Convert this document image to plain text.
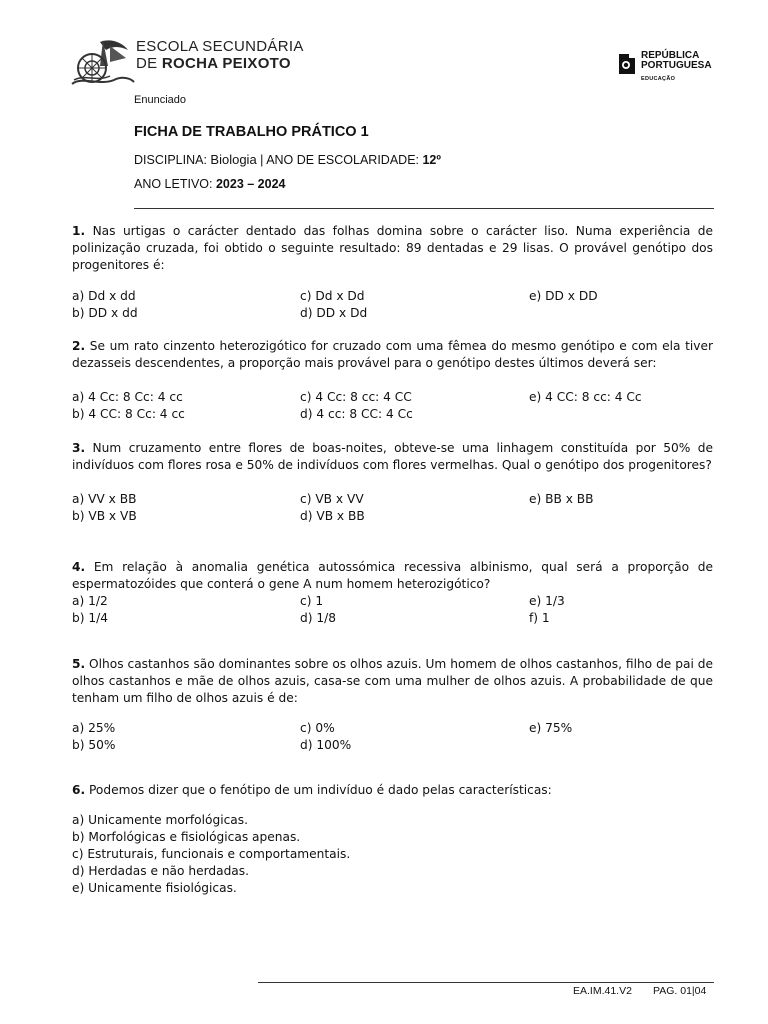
ESCOLA SECUNDÁRIA
DE ROCHA PEIXOTO	REPÚBLICA
PORTUGUESA
EDUCAÇÃO
Enunciado
FICHA DE TRABALHO PRÁTICO 1
DISCIPLINA: Biologia | ANO DE ESCOLARIDADE: 12º
ANO LETIVO: 2023 – 2024
1. Nas urtigas o carácter dentado das folhas domina sobre o carácter liso. Numa experiência de polinização cruzada, foi obtido o seguinte resultado: 89 dentadas e 29 lisas. O provável genótipo dos progenitores é:
a) Dd x dd	c) Dd x Dd	e) DD x DD
b) DD x dd	d) DD x Dd
2. Se um rato cinzento heterozigótico for cruzado com uma fêmea do mesmo genótipo e com ela tiver dezasseis descendentes, a proporção mais provável para o genótipo destes últimos deverá ser:
a) 4 Cc: 8 Cc: 4 cc	c) 4 Cc: 8 cc: 4 CC	e) 4 CC: 8 cc: 4 Cc
b) 4 CC: 8 Cc: 4 cc	d) 4 cc: 8 CC: 4 Cc
3. Num cruzamento entre flores de boas-noites, obteve-se uma linhagem constituída por 50% de indivíduos com flores rosa e 50% de indivíduos com flores vermelhas. Qual o genótipo dos progenitores?
a) VV x BB	c) VB x VV	e) BB x BB
b) VB x VB	d) VB x BB
4. Em relação à anomalia genética autossómica recessiva albinismo, qual será a proporção de espermatozóides que conterá o gene A num homem heterozigótico?
a) 1/2	c) 1	e) 1/3
b) 1/4	d) 1/8	f) 1
5. Olhos castanhos são dominantes sobre os olhos azuis. Um homem de olhos castanhos, filho de pai de olhos castanhos e mãe de olhos azuis, casa-se com uma mulher de olhos azuis. A probabilidade de que tenham um filho de olhos azuis é de:
a) 25%	c) 0%	e) 75%
b) 50%	d) 100%
6. Podemos dizer que o fenótipo de um indivíduo é dado pelas características:
a) Unicamente morfológicas.
b) Morfológicas e fisiológicas apenas.
c) Estruturais, funcionais e comportamentais.
d) Herdadas e não herdadas.
e) Unicamente fisiológicas.
EA.IM.41.V2 PAG. 01|04
